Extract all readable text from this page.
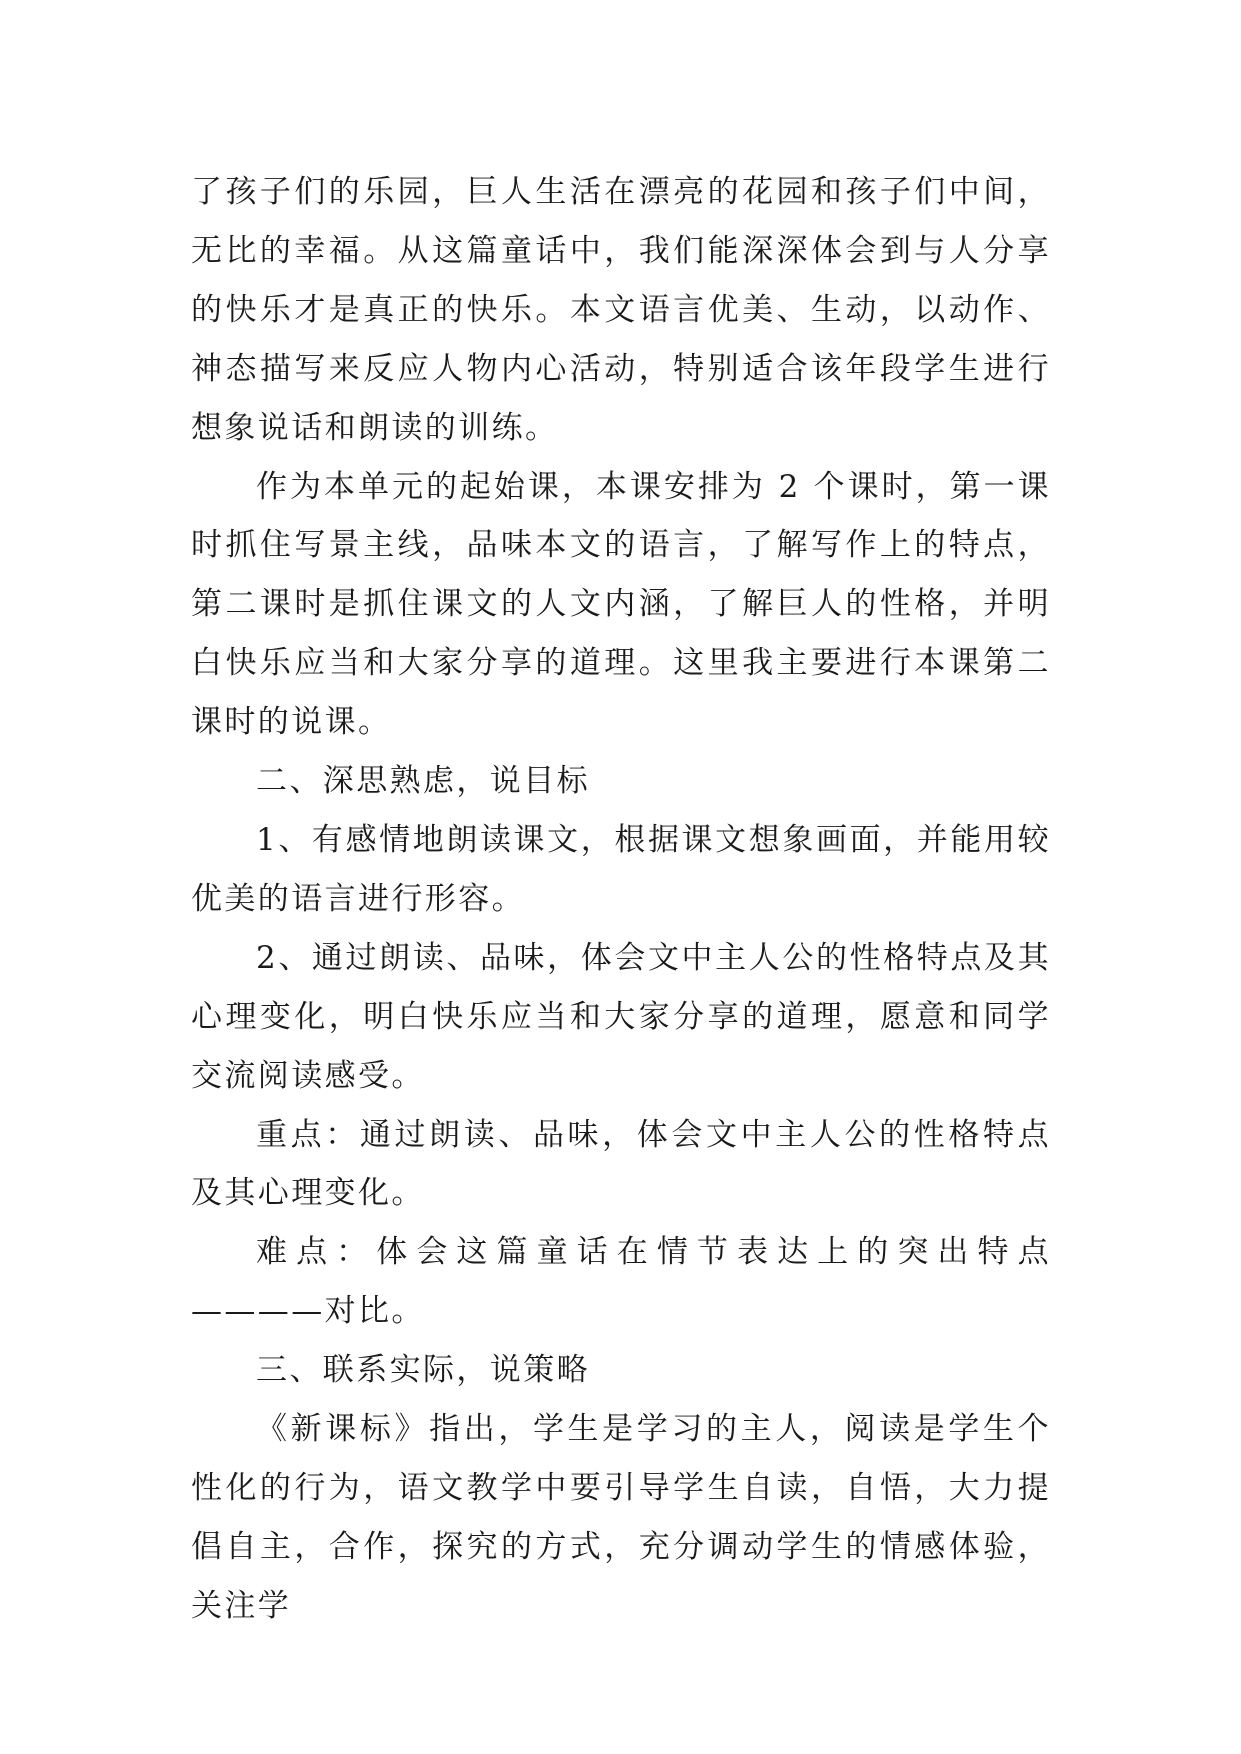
了孩子们的乐园，巨人生活在漂亮的花园和孩子们中间，无比的幸福。从这篇童话中，我们能深深体会到与人分享的快乐才是真正的快乐。本文语言优美、生动，以动作、神态描写来反应人物内心活动，特别适合该年段学生进行想象说话和朗读的训练。

作为本单元的起始课，本课安排为 2 个课时，第一课时抓住写景主线，品味本文的语言，了解写作上的特点，第二课时是抓住课文的人文内涵，了解巨人的性格，并明白快乐应当和大家分享的道理。这里我主要进行本课第二课时的说课。

二、深思熟虑，说目标

1、有感情地朗读课文，根据课文想象画面，并能用较优美的语言进行形容。

2、通过朗读、品味，体会文中主人公的性格特点及其心理变化，明白快乐应当和大家分享的道理，愿意和同学交流阅读感受。

重点：通过朗读、品味，体会文中主人公的性格特点及其心理变化。

难点：体会这篇童话在情节表达上的突出特点————对比。

三、联系实际，说策略

《新课标》指出，学生是学习的主人，阅读是学生个性化的行为，语文教学中要引导学生自读，自悟，大力提倡自主，合作，探究的方式，充分调动学生的情感体验，关注学
